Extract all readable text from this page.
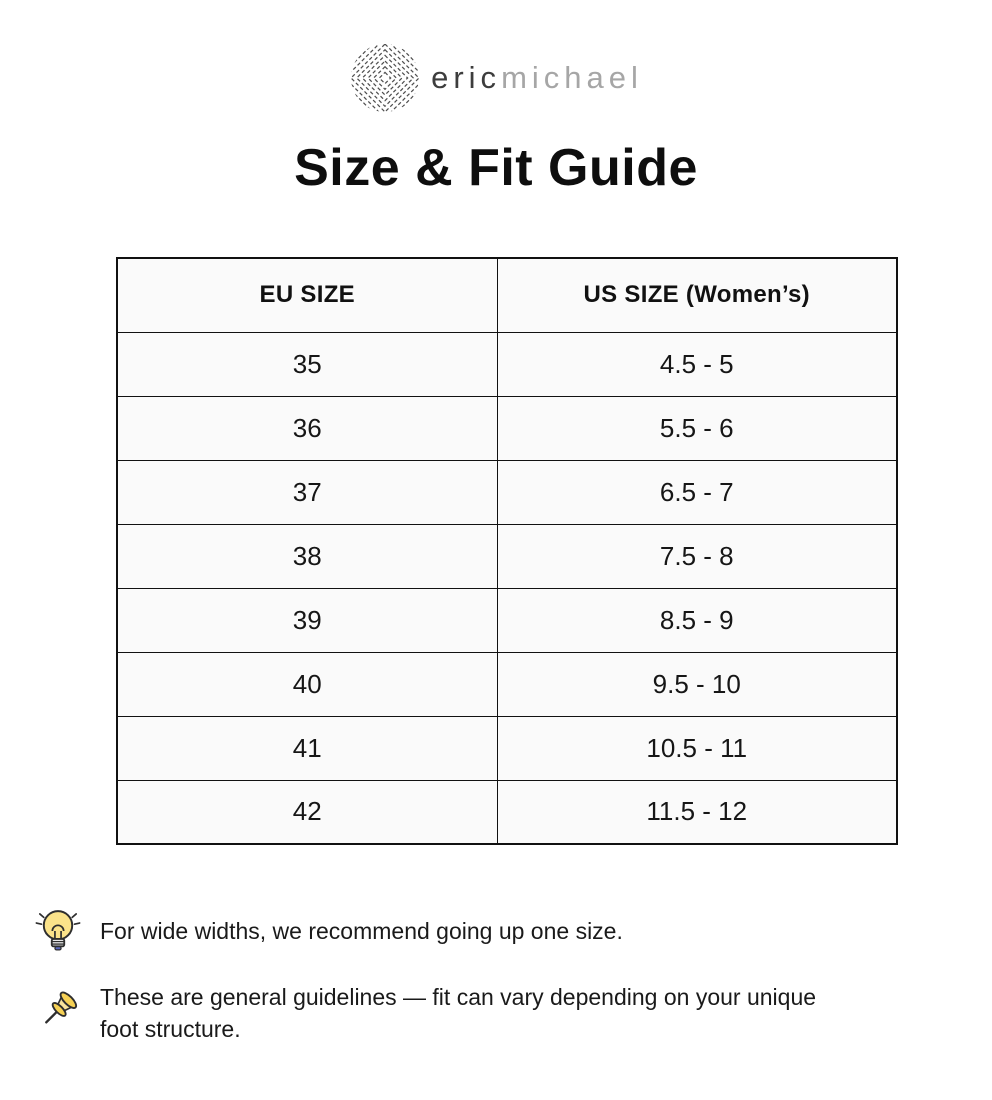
ericmichael
Size & Fit Guide
EU SIZE	US SIZE (Women’s)
35	4.5 - 5
36	5.5 - 6
37	6.5 - 7
38	7.5 - 8
39	8.5 - 9
40	9.5 - 10
41	10.5 - 11
42	11.5 - 12
For wide widths, we recommend going up one size.
These are general guidelines — fit can vary depending on your unique
foot structure.
